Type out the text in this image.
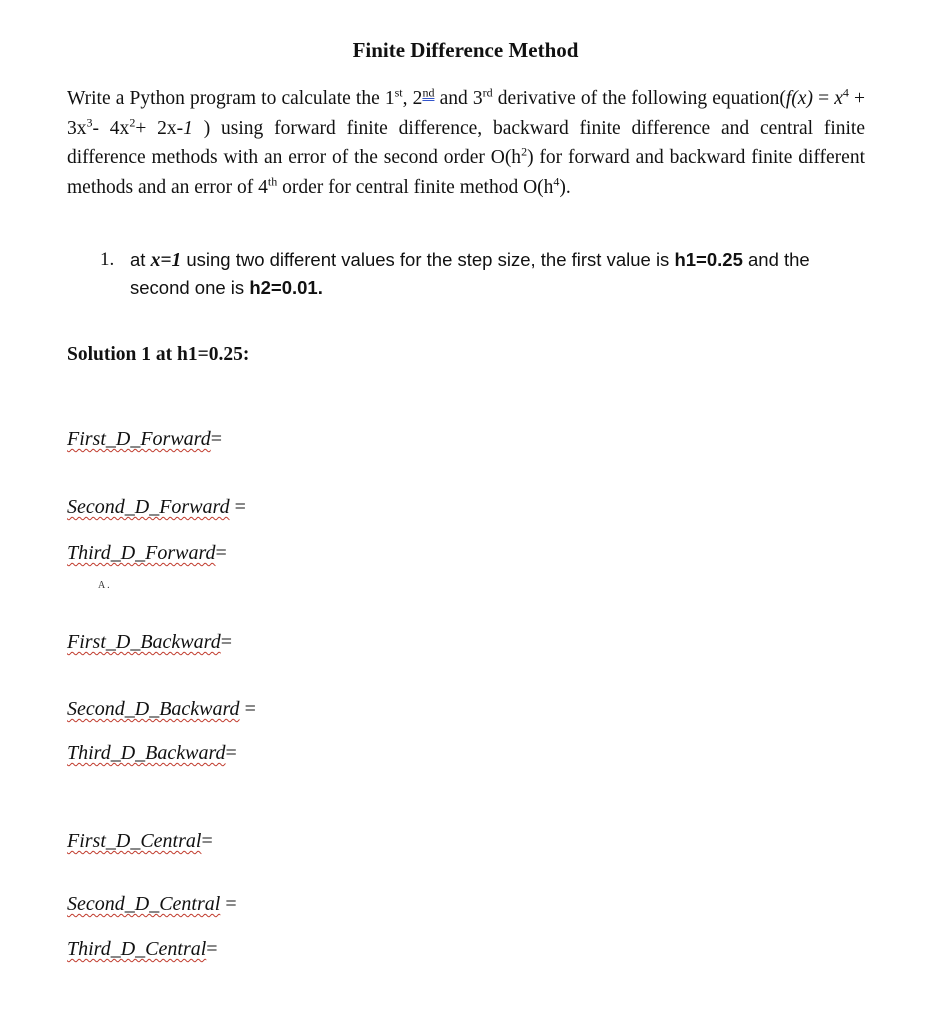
Finite Difference Method
Write a Python program to calculate the 1st, 2nd and 3rd derivative of the following equation(f(x) = $x^4 + 3x^3-$ $4x^2+ 2x-1$ ) using forward finite difference, backward finite difference and central finite difference methods with an error of the second order $O(h^2)$ for forward and backward finite different methods and an error of 4th order for central finite method $O(h^4)$.
1. at x=1 using two different values for the step size, the first value is h1=0.25 and the second one is h2=0.01.
Solution 1 at h1=0.25:
First_D_Forward=
Second_D_Forward =
Third_D_Forward=
A .
First_D_Backward=
Second_D_Backward =
Third_D_Backward=
First_D_Central=
Second_D_Central =
Third_D_Central=
